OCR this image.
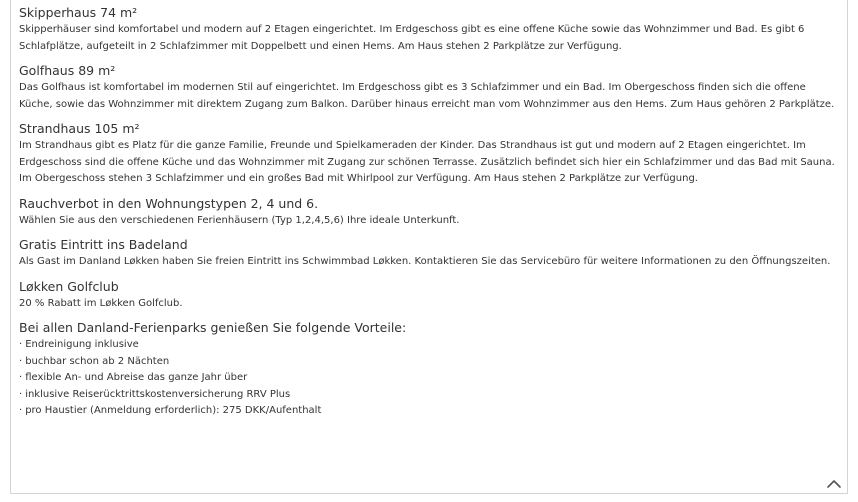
Skipperhaus 74 m²

Skipperhäuser sind komfortabel und modern auf 2 Etagen eingerichtet. Im Erdgeschoss gibt es eine offene Küche sowie das Wohnzimmer und Bad. Es gibt 6 Schlafplätze, aufgeteilt in 2 Schlafzimmer mit Doppelbett und einen Hems. Am Haus stehen 2 Parkplätze zur Verfügung.

Golfhaus 89 m²

Das Golfhaus ist komfortabel im modernen Stil auf eingerichtet. Im Erdgeschoss gibt es 3 Schlafzimmer und ein Bad. Im Obergeschoss finden sich die offene Küche, sowie das Wohnzimmer mit direktem Zugang zum Balkon. Darüber hinaus erreicht man vom Wohnzimmer aus den Hems. Zum Haus gehören 2 Parkplätze.

Strandhaus 105 m²

Im Strandhaus gibt es Platz für die ganze Familie, Freunde und Spielkameraden der Kinder. Das Strandhaus ist gut und modern auf 2 Etagen eingerichtet. Im Erdgeschoss sind die offene Küche und das Wohnzimmer mit Zugang zur schönen Terrasse. Zusätzlich befindet sich hier ein Schlafzimmer und das Bad mit Sauna. Im Obergeschoss stehen 3 Schlafzimmer und ein großes Bad mit Whirlpool zur Verfügung. Am Haus stehen 2 Parkplätze zur Verfügung.

Rauchverbot in den Wohnungstypen 2, 4 und 6.

Wählen Sie aus den verschiedenen Ferienhäusern (Typ 1,2,4,5,6) Ihre ideale Unterkunft.

Gratis Eintritt ins Badeland

Als Gast im Danland Løkken haben Sie freien Eintritt ins Schwimmbad Løkken. Kontaktieren Sie das Servicebüro für weitere Informationen zu den Öffnungszeiten.

Løkken Golfclub

20 % Rabatt im Løkken Golfclub.

Bei allen Danland-Ferienparks genießen Sie folgende Vorteile:
· Endreinigung inklusive
· buchbar schon ab 2 Nächten
· flexible An- und Abreise das ganze Jahr über
· inklusive Reiserücktrittskostenversicherung RRV Plus
· pro Haustier (Anmeldung erforderlich): 275 DKK/Aufenthalt
